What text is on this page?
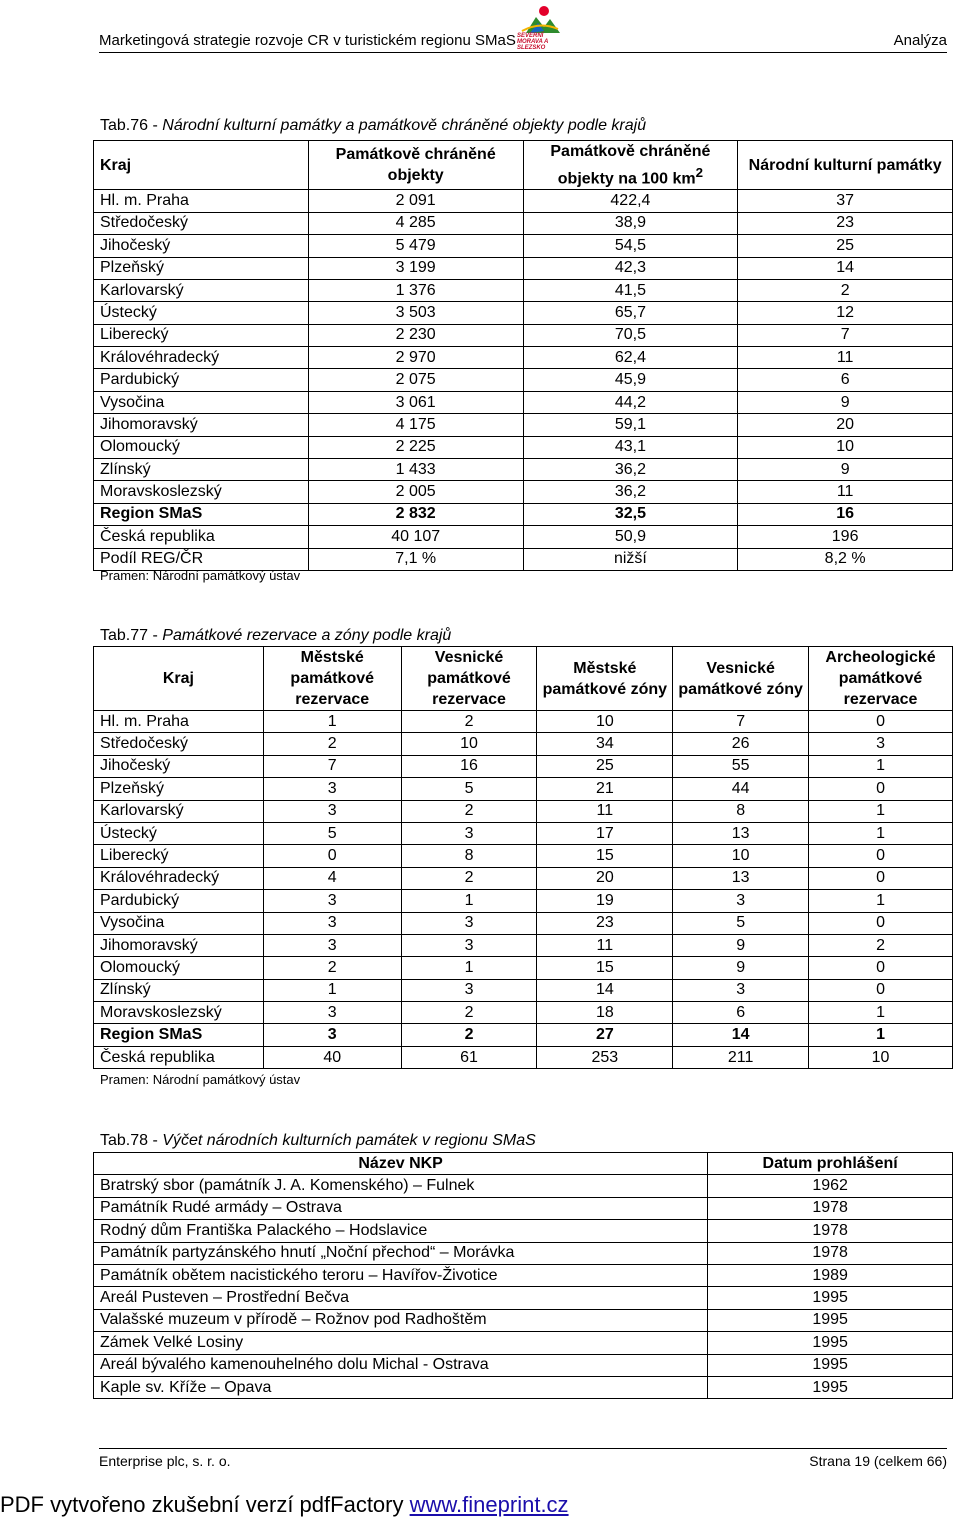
Marketingová strategie rozvoje CR v turistickém regionu SMaS	Analýza
SEVERNÍ MORAVA A SLEZSKO
Tab.76 - Národní kulturní památky a památkově chráněné objekty podle krajů
Kraj	Památkově chráněné objekty	Památkově chráněné objekty na 100 $km^2$	Národní kulturní památky
Hl. m. Praha	2 091	422,4	37
Středočeský	4 285	38,9	23
Jihočeský	5 479	54,5	25
Plzeňský	3 199	42,3	14
Karlovarský	1 376	41,5	2
Ústecký	3 503	65,7	12
Liberecký	2 230	70,5	7
Královéhradecký	2 970	62,4	11
Pardubický	2 075	45,9	6
Vysočina	3 061	44,2	9
Jihomoravský	4 175	59,1	20
Olomoucký	2 225	43,1	10
Zlínský	1 433	36,2	9
Moravskoslezský	2 005	36,2	11
Region SMaS	2 832	32,5	16
Česká republika	40 107	50,9	196
Podíl REG/ČR	7,1 %	nižší	8,2 %
Pramen: Národní památkový ústav
Tab.77 - Památkové rezervace a zóny podle krajů
Kraj	Městské památkové rezervace	Vesnické památkové rezervace	Městské památkové zóny	Vesnické památkové zóny	Archeologické památkové rezervace
Hl. m. Praha	1	2	10	7	0
Středočeský	2	10	34	26	3
Jihočeský	7	16	25	55	1
Plzeňský	3	5	21	44	0
Karlovarský	3	2	11	8	1
Ústecký	5	3	17	13	1
Liberecký	0	8	15	10	0
Královéhradecký	4	2	20	13	0
Pardubický	3	1	19	3	1
Vysočina	3	3	23	5	0
Jihomoravský	3	3	11	9	2
Olomoucký	2	1	15	9	0
Zlínský	1	3	14	3	0
Moravskoslezský	3	2	18	6	1
Region SMaS	3	2	27	14	1
Česká republika	40	61	253	211	10
Pramen: Národní památkový ústav
Tab.78 - Výčet národních kulturních památek v regionu SMaS
Název NKP	Datum prohlášení
Bratrský sbor (památník J. A. Komenského) – Fulnek	1962
Památník Rudé armády – Ostrava	1978
Rodný dům Františka Palackého – Hodslavice	1978
Památník partyzánského hnutí „Noční přechod“ – Morávka	1978
Památník obětem nacistického teroru – Havířov-Životice	1989
Areál Pusteven – Prostřední Bečva	1995
Valašské muzeum v přírodě – Rožnov pod Radhoštěm	1995
Zámek Velké Losiny	1995
Areál bývalého kamenouhelného dolu Michal - Ostrava	1995
Kaple sv. Kříže – Opava	1995
Enterprise plc, s. r. o.	Strana 19 (celkem 66)
PDF vytvořeno zkušební verzí pdfFactory www.fineprint.cz
